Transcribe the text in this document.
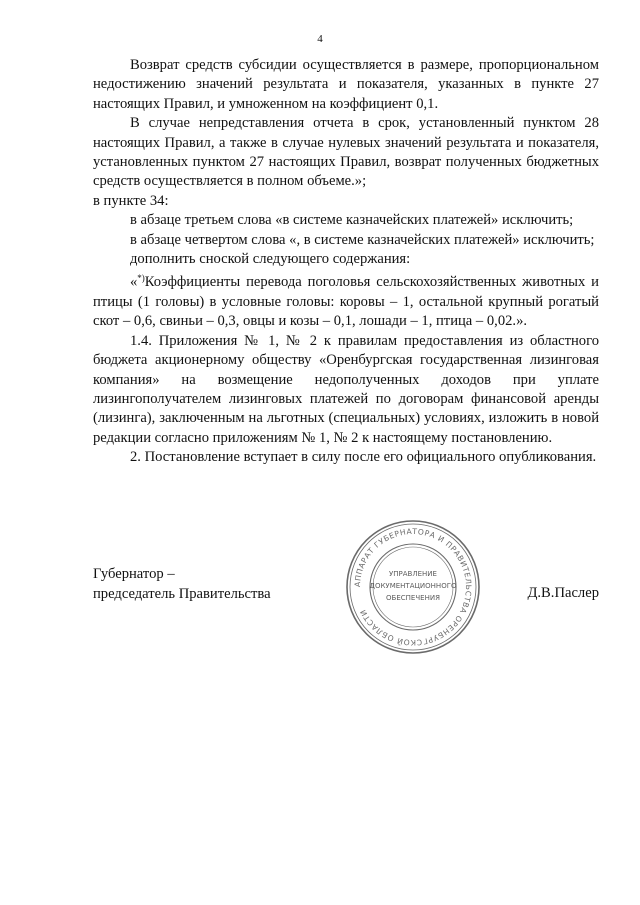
4

Возврат средств субсидии осуществляется в размере, пропорциональном недостижению значений результата и показателя, указанных в пункте 27 настоящих Правил, и умноженном на коэффициент 0,1.

В случае непредставления отчета в срок, установленный пунктом 28 настоящих Правил, а также в случае нулевых значений результата и показателя, установленных пунктом 27 настоящих Правил, возврат полученных бюджетных средств осуществляется в полном объеме.»;

в пункте 34:

в абзаце третьем слова «в системе казначейских платежей» исключить;

в абзаце четвертом слова «, в системе казначейских платежей» исключить;

дополнить сноской следующего содержания:

«*)Коэффициенты перевода поголовья сельскохозяйственных животных и птицы (1 головы) в условные головы: коровы – 1, остальной крупный рогатый скот – 0,6, свиньи – 0,3, овцы и козы – 0,1, лошади – 1, птица – 0,02.».

1.4. Приложения № 1, № 2 к правилам предоставления из областного бюджета акционерному обществу «Оренбургская государственная лизинговая компания» на возмещение недополученных доходов при уплате лизингополучателем лизинговых платежей по договорам финансовой аренды (лизинга), заключенным на льготных (специальных) условиях, изложить в новой редакции согласно приложениям № 1, № 2 к настоящему постановлению.

2. Постановление вступает в силу после его официального опубликования.

Губернатор –
председатель Правительства	Д.В.Паслер
АППАРАТ ГУБЕРНАТОРА И ПРАВИТЕЛЬСТВА ОРЕНБУРГСКОЙ ОБЛАСТИ
УПРАВЛЕНИЕ
ДОКУМЕНТАЦИОННОГО
ОБЕСПЕЧЕНИЯ
